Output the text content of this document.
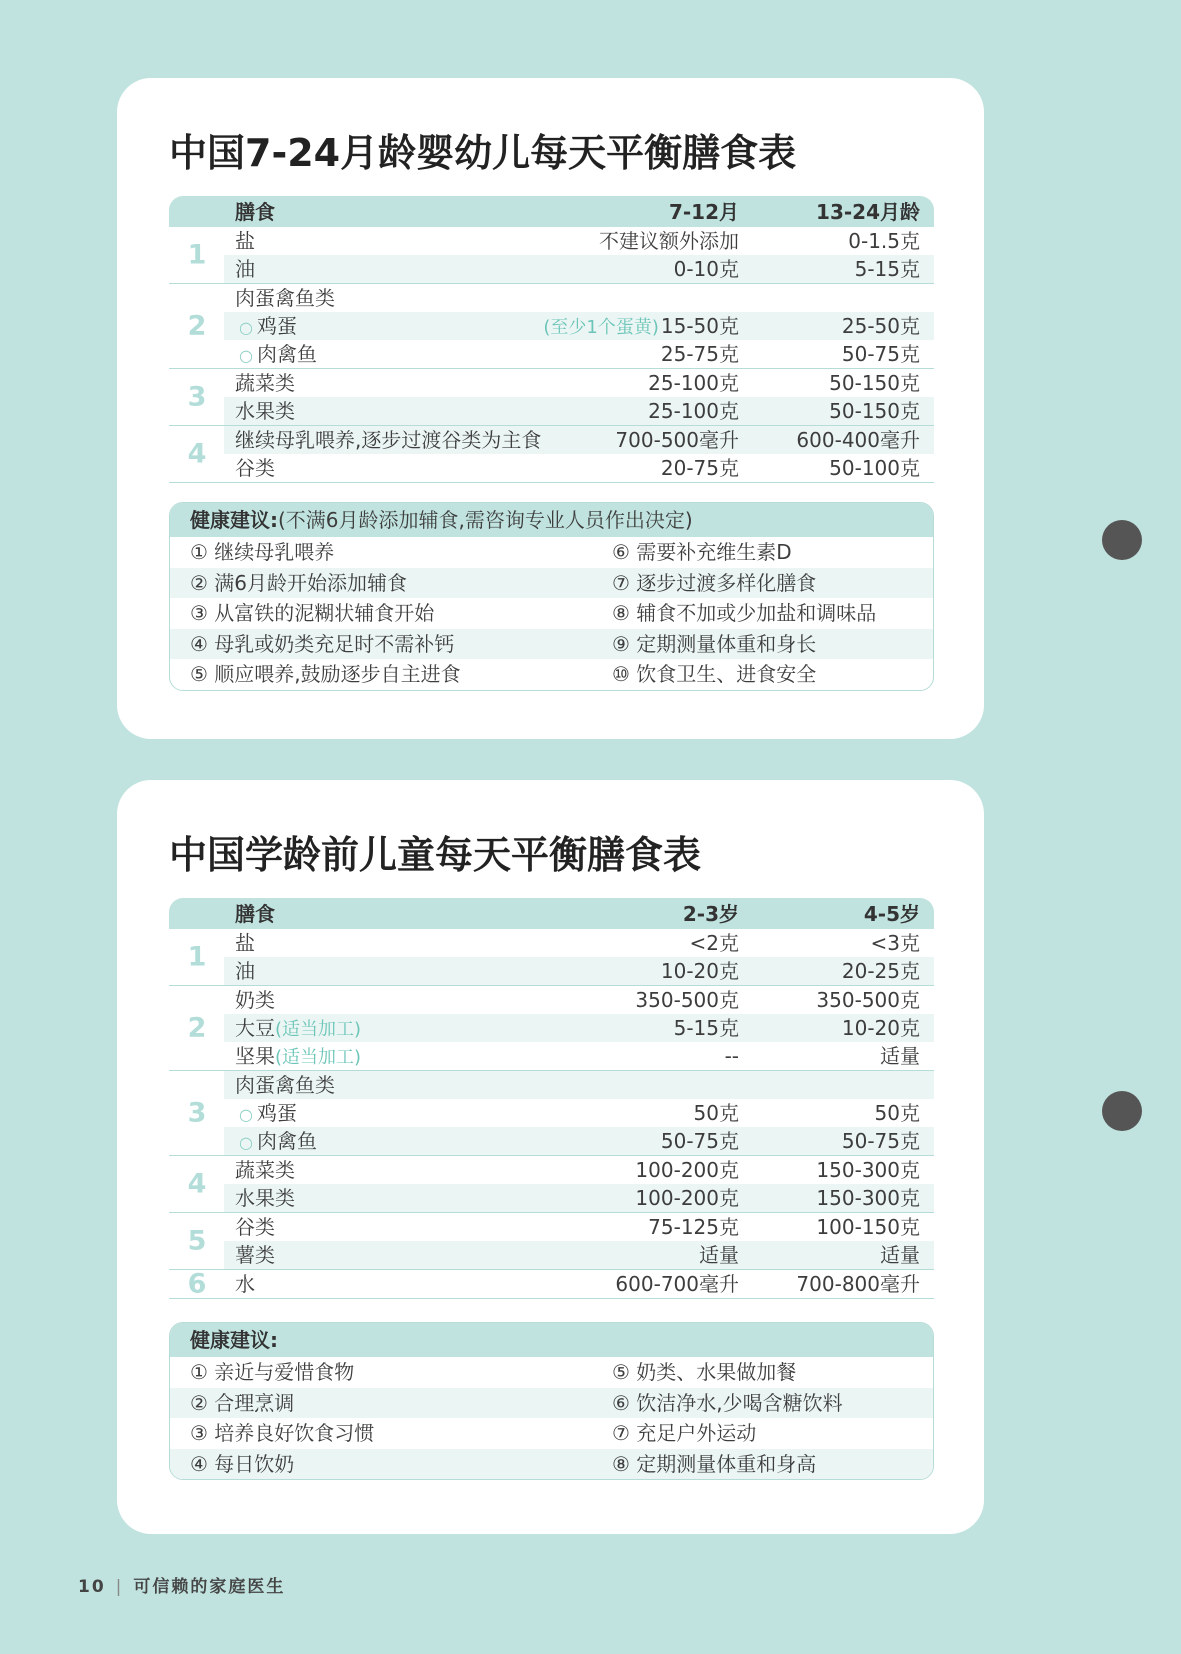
中国7-24月龄婴幼儿每天平衡膳食表
膳食	7-12月	13-24月龄
1 盐	不建议额外添加	0-1.5克
油	0-10克	5-15克
2
肉蛋禽鱼类
○ 鸡蛋	(至少1个蛋黄) 15-50克	25-50克
○ 肉禽鱼	25-75克	50-75克
3 蔬菜类	25-100克	50-150克
水果类	25-100克	50-150克
4 继续母乳喂养,逐步过渡谷类为主食	700-500毫升	600-400毫升
谷类	20-75克	50-100克
健康建议:(不满6月龄添加辅食,需咨询专业人员作出决定)
① 继续母乳喂养	⑥ 需要补充维生素D
② 满6月龄开始添加辅食	⑦ 逐步过渡多样化膳食
③ 从富铁的泥糊状辅食开始	⑧ 辅食不加或少加盐和调味品
④ 母乳或奶类充足时不需补钙	⑨ 定期测量体重和身长
⑤ 顺应喂养,鼓励逐步自主进食	⑩ 饮食卫生、进食安全
中国学龄前儿童每天平衡膳食表
膳食	2-3岁	4-5岁
1 盐	<2克	<3克
油	10-20克	20-25克
2
奶类	350-500克	350-500克
大豆(适当加工)	5-15克	10-20克
坚果(适当加工)	--	适量
3
肉蛋禽鱼类
○ 鸡蛋	50克	50克
○ 肉禽鱼	50-75克	50-75克
4 蔬菜类	100-200克	150-300克
水果类	100-200克	150-300克
5 谷类	75-125克	100-150克
薯类	适量	适量
6 水	600-700毫升	700-800毫升
健康建议:
① 亲近与爱惜食物	⑤ 奶类、水果做加餐
② 合理烹调	⑥ 饮洁净水,少喝含糖饮料
③ 培养良好饮食习惯	⑦ 充足户外运动
④ 每日饮奶	⑧ 定期测量体重和身高
10 | 可信赖的家庭医生
